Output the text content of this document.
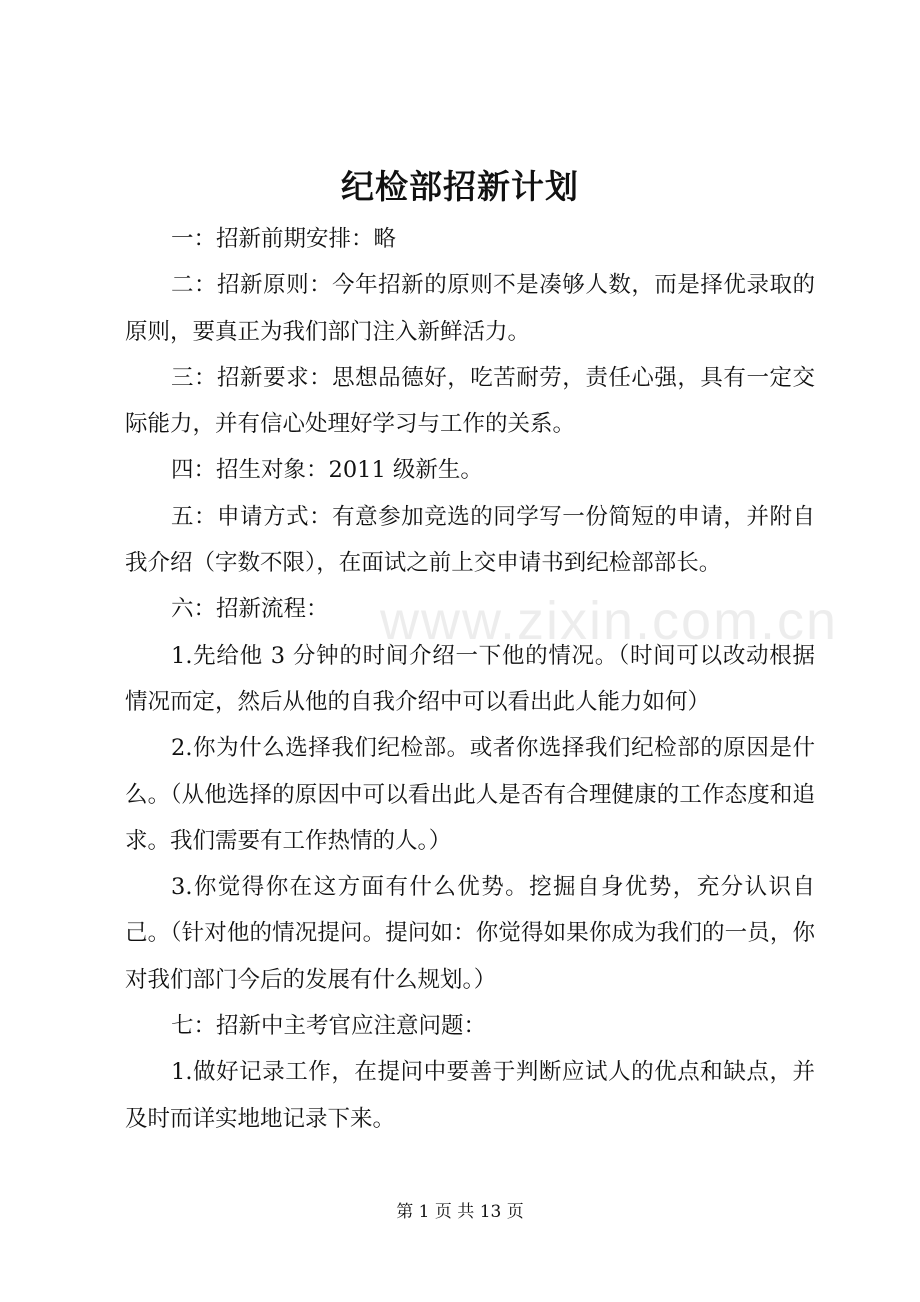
纪检部招新计划

一：招新前期安排：略

二：招新原则：今年招新的原则不是凑够人数，而是择优录取的原则，要真正为我们部门注入新鲜活力。

三：招新要求：思想品德好，吃苦耐劳，责任心强，具有一定交际能力，并有信心处理好学习与工作的关系。

四：招生对象：2011 级新生。

五：申请方式：有意参加竞选的同学写一份简短的申请，并附自我介绍（字数不限），在面试之前上交申请书到纪检部部长。

六：招新流程：

1.先给他 3 分钟的时间介绍一下他的情况。（时间可以改动根据情况而定，然后从他的自我介绍中可以看出此人能力如何）

2.你为什么选择我们纪检部。或者你选择我们纪检部的原因是什么。（从他选择的原因中可以看出此人是否有合理健康的工作态度和追求。我们需要有工作热情的人。）

3.你觉得你在这方面有什么优势。挖掘自身优势，充分认识自己。（针对他的情况提问。提问如：你觉得如果你成为我们的一员，你对我们部门今后的发展有什么规划。）

七：招新中主考官应注意问题：

1.做好记录工作，在提问中要善于判断应试人的优点和缺点，并及时而详实地地记录下来。

www.zixin.com.cn
第 1 页 共 13 页
